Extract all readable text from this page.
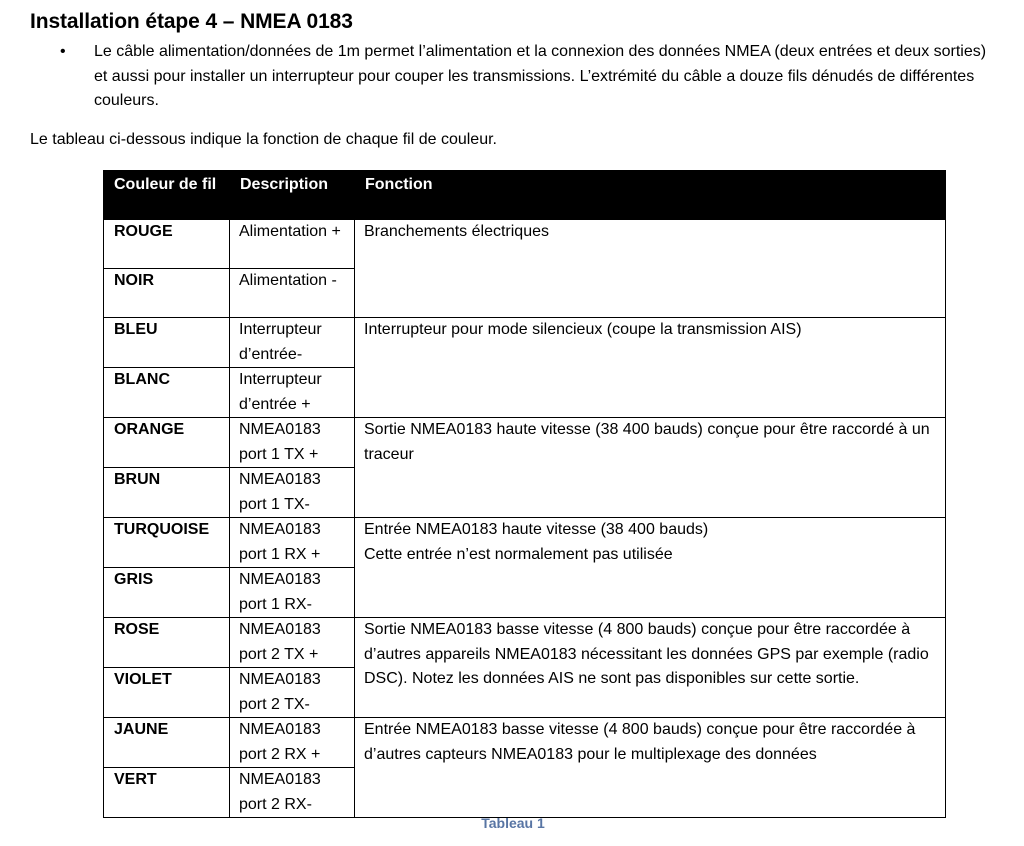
Installation étape 4 – NMEA 0183
• Le câble alimentation/données de 1m permet l’alimentation et la connexion des données NMEA (deux entrées et deux sorties) et aussi pour installer un interrupteur pour couper les transmissions. L’extrémité du câble a douze fils dénudés de différentes couleurs.

Le tableau ci-dessous indique la fonction de chaque fil de couleur.

Couleur de fil	Description	Fonction
ROUGE	Alimentation +	Branchements électriques
NOIR	Alimentation -	
BLEU	Interrupteur d’entrée-	Interrupteur pour mode silencieux (coupe la transmission AIS)
BLANC	Interrupteur d’entrée +	
ORANGE	NMEA0183 port 1 TX +	Sortie NMEA0183 haute vitesse (38 400 bauds) conçue pour être raccordé à un traceur
BRUN	NMEA0183 port 1 TX-	
TURQUOISE	NMEA0183 port 1 RX +	Entrée NMEA0183 haute vitesse (38 400 bauds)
Cette entrée n’est normalement pas utilisée
GRIS	NMEA0183 port 1 RX-	
ROSE	NMEA0183 port 2 TX +	Sortie NMEA0183 basse vitesse (4 800 bauds) conçue pour être raccordée à d’autres appareils NMEA0183 nécessitant les données GPS par exemple (radio DSC). Notez les données AIS ne sont pas disponibles sur cette sortie.
VIOLET	NMEA0183 port 2 TX-	
JAUNE	NMEA0183 port 2 RX +	Entrée NMEA0183 basse vitesse (4 800 bauds) conçue pour être raccordée à d’autres capteurs NMEA0183 pour le multiplexage des données
VERT	NMEA0183 port 2 RX-	

Tableau 1
